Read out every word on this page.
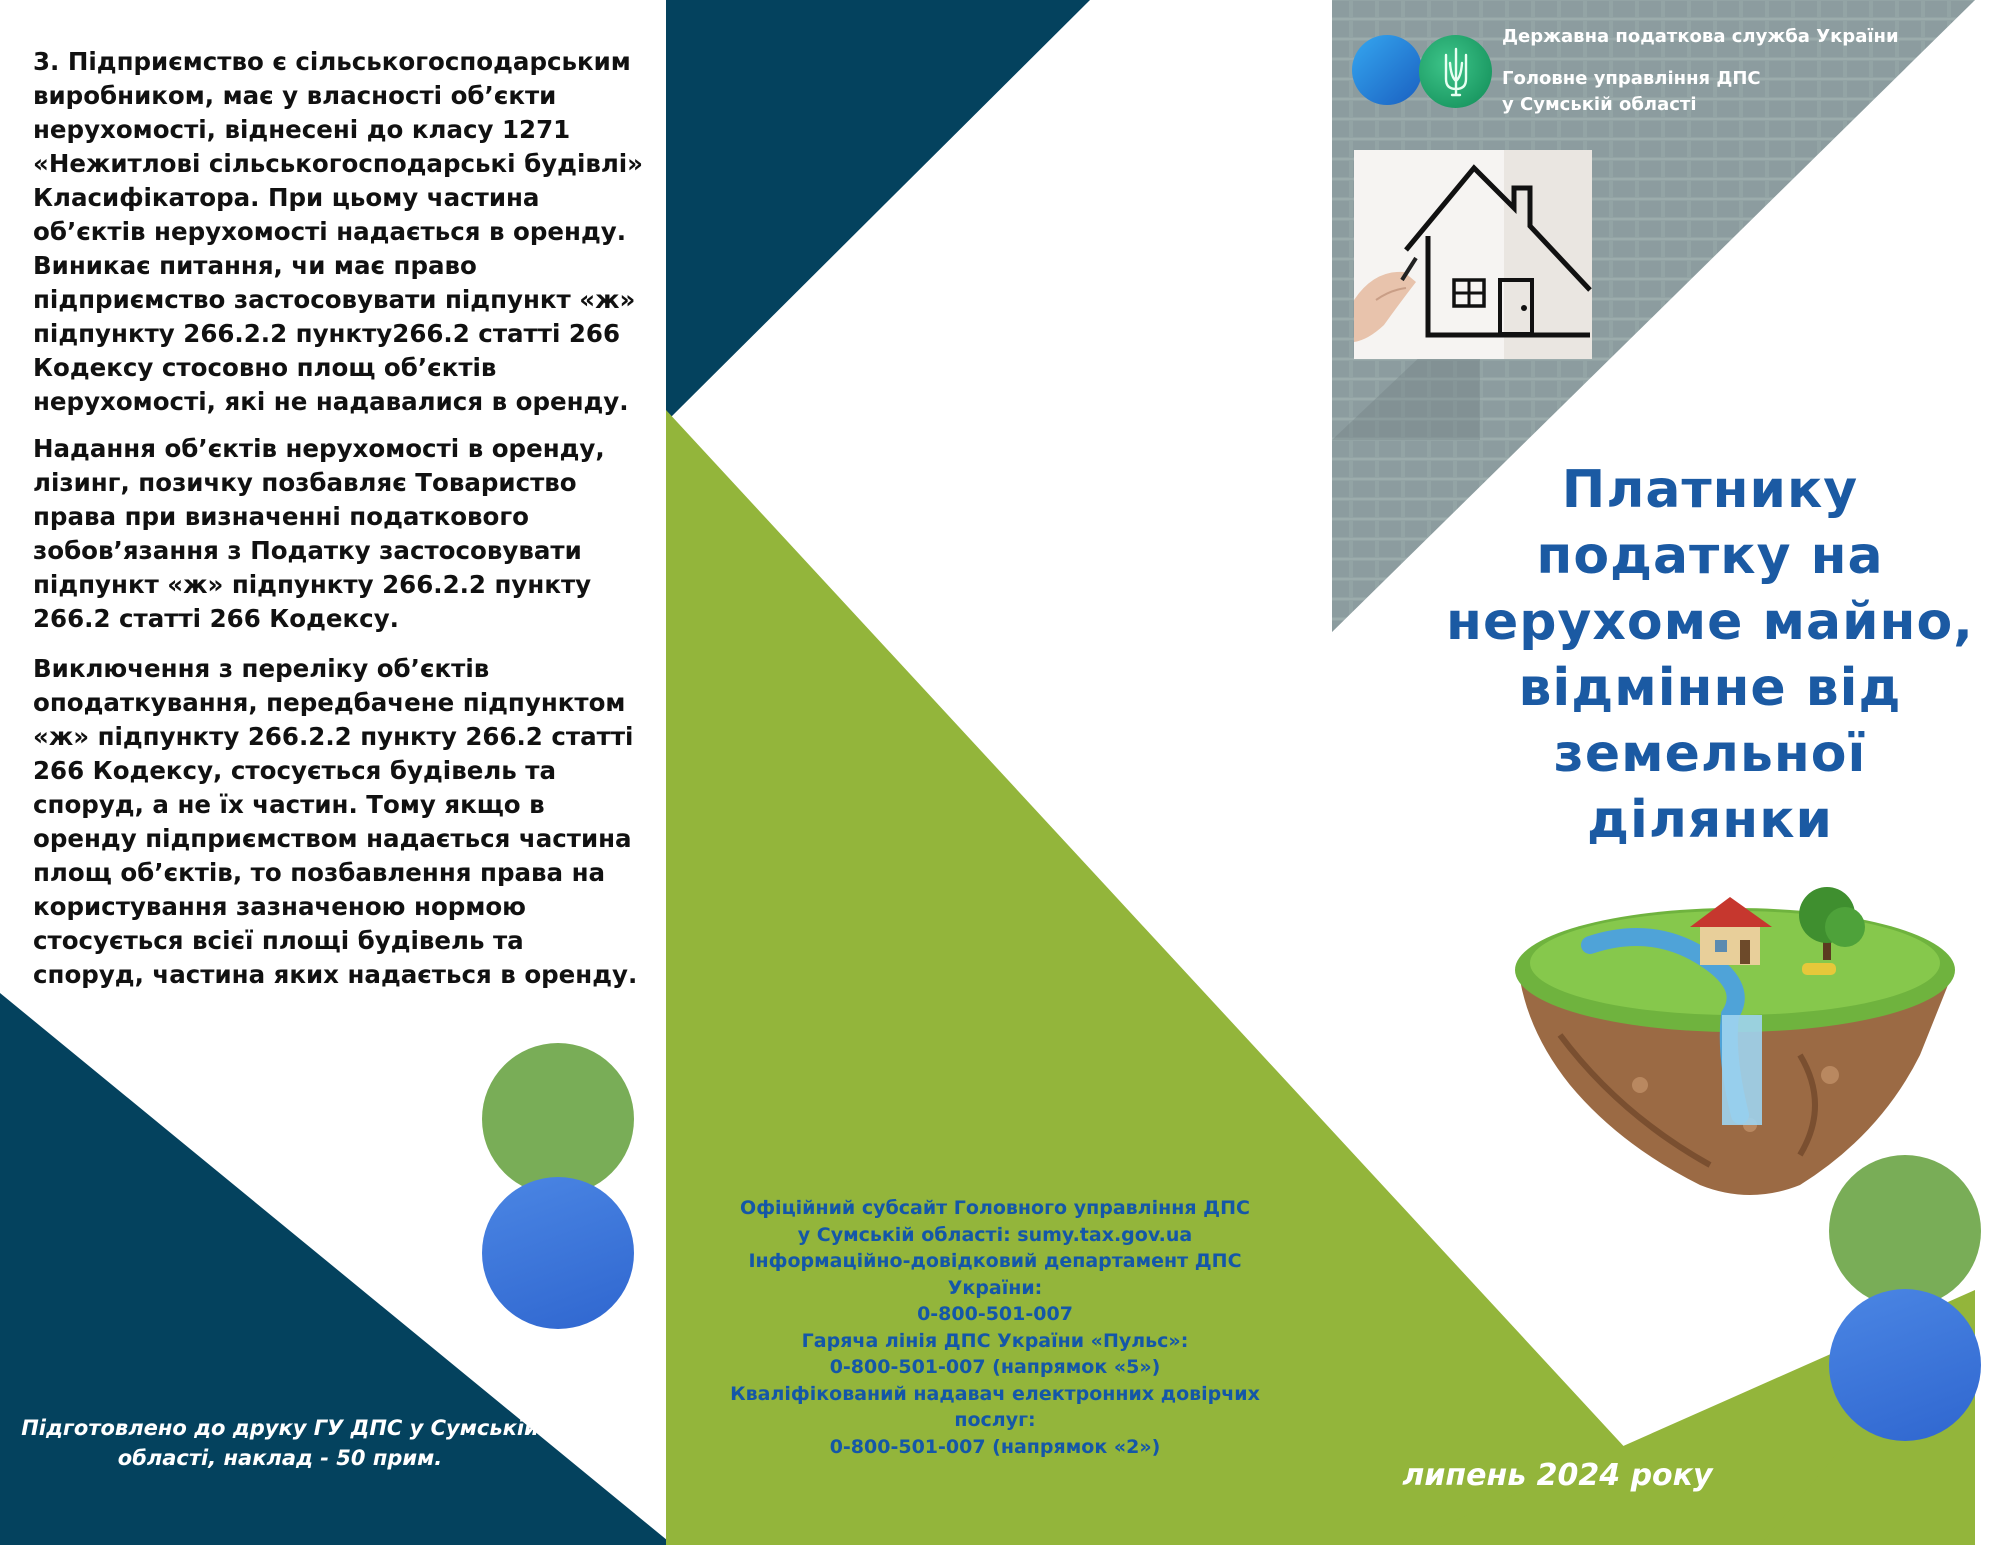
3. Підприємство є сільськогосподарським виробником, має у власності об’єкти нерухомості, віднесені до класу 1271 «Нежитлові сільськогосподарські будівлі» Класифікатора. При цьому частина об’єктів нерухомості надається в оренду. Виникає питання, чи має право підприємство застосовувати підпункт «ж» підпункту 266.2.2 пункту266.2 статті 266 Кодексу стосовно площ об’єктів нерухомості, які не надавалися в оренду.

Надання об’єктів нерухомості в оренду, лізинг, позичку позбавляє Товариство права при визначенні податкового зобов’язання з Податку застосовувати підпункт «ж» підпункту 266.2.2 пункту 266.2 статті 266 Кодексу.

Виключення з переліку об’єктів оподаткування, передбачене підпунктом «ж» підпункту 266.2.2 пункту 266.2 статті 266 Кодексу, стосується будівель та споруд, а не їх частин. Тому якщо в оренду підприємством надається частина площ об’єктів, то позбавлення права на користування зазначеною нормою стосується всієї площі будівель та споруд, частина яких надається в оренду.

Підготовлено до друку ГУ ДПС у Сумській області, наклад - 50 прим.

Офіційний субсайт Головного управління ДПС
у Сумській області: sumy.tax.gov.ua
Інформаційно-довідковий департамент ДПС
України:
0-800-501-007
Гаряча лінія ДПС України «Пульс»:
0-800-501-007 (напрямок «5»)
Кваліфікований надавач електронних довірчих
послуг:
0-800-501-007 (напрямок «2»)

Державна податкова служба України

Головне управління ДПС

у Сумській області

Платнику
податку на
нерухоме майно,
відмінне від
земельної
ділянки
липень 2024 року
